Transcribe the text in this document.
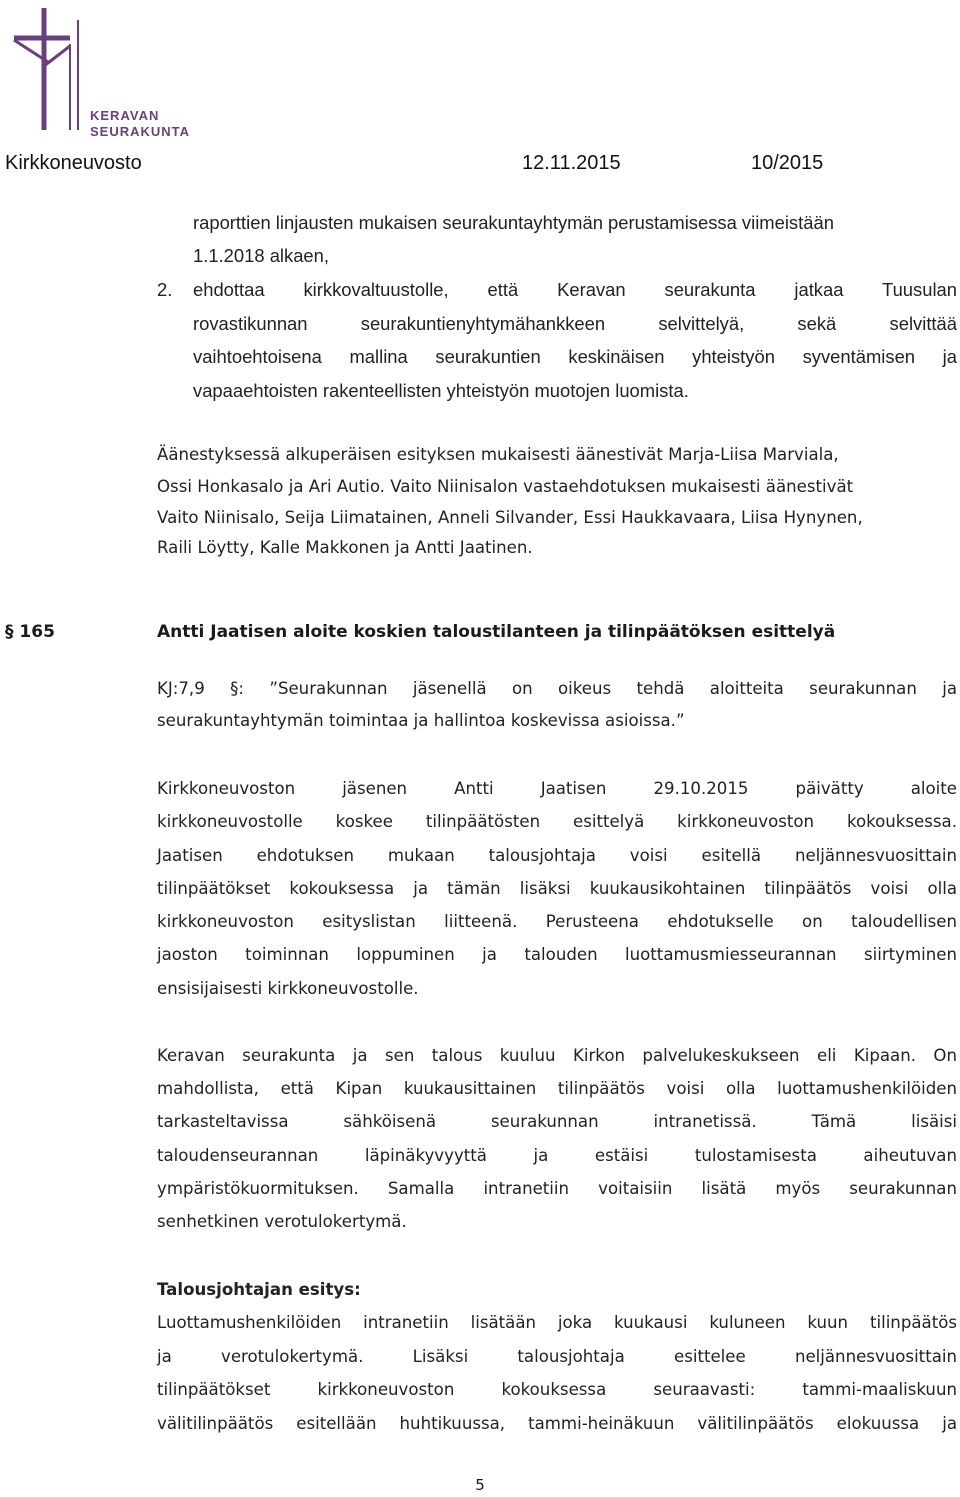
KERAVAN
SEURAKUNTA
Kirkkoneuvosto	12.11.2015	10/2015
raporttien linjausten mukaisen seurakuntayhtymän perustamisessa viimeistään
1.1.2018 alkaen,
2. ehdottaa kirkkovaltuustolle, että Keravan seurakunta jatkaa Tuusulan
rovastikunnan seurakuntienyhtymähankkeen selvittelyä, sekä selvittää
vaihtoehtoisena mallina seurakuntien keskinäisen yhteistyön syventämisen ja
vapaaehtoisten rakenteellisten yhteistyön muotojen luomista.
Äänestyksessä alkuperäisen esityksen mukaisesti äänestivät Marja-Liisa Marviala,
Ossi Honkasalo ja Ari Autio. Vaito Niinisalon vastaehdotuksen mukaisesti äänestivät
Vaito Niinisalo, Seija Liimatainen, Anneli Silvander, Essi Haukkavaara, Liisa Hynynen,
Raili Löytty, Kalle Makkonen ja Antti Jaatinen.
§ 165	Antti Jaatisen aloite koskien taloustilanteen ja tilinpäätöksen esittelyä
KJ:7,9 §: ”Seurakunnan jäsenellä on oikeus tehdä aloitteita seurakunnan ja
seurakuntayhtymän toimintaa ja hallintoa koskevissa asioissa.”
Kirkkoneuvoston jäsenen Antti Jaatisen 29.10.2015 päivätty aloite
kirkkoneuvostolle koskee tilinpäätösten esittelyä kirkkoneuvoston kokouksessa.
Jaatisen ehdotuksen mukaan talousjohtaja voisi esitellä neljännesvuosittain
tilinpäätökset kokouksessa ja tämän lisäksi kuukausikohtainen tilinpäätös voisi olla
kirkkoneuvoston esityslistan liitteenä. Perusteena ehdotukselle on taloudellisen
jaoston toiminnan loppuminen ja talouden luottamusmiesseurannan siirtyminen
ensisijaisesti kirkkoneuvostolle.
Keravan seurakunta ja sen talous kuuluu Kirkon palvelukeskukseen eli Kipaan. On
mahdollista, että Kipan kuukausittainen tilinpäätös voisi olla luottamushenkilöiden
tarkasteltavissa sähköisenä seurakunnan intranetissä. Tämä lisäisi
taloudenseurannan läpinäkyvyyttä ja estäisi tulostamisesta aiheutuvan
ympäristökuormituksen. Samalla intranetiin voitaisiin lisätä myös seurakunnan
senhetkinen verotulokertymä.
Talousjohtajan esitys:
Luottamushenkilöiden intranetiin lisätään joka kuukausi kuluneen kuun tilinpäätös
ja verotulokertymä. Lisäksi talousjohtaja esittelee neljännesvuosittain
tilinpäätökset kirkkoneuvoston kokouksessa seuraavasti: tammi-maaliskuun
välitilinpäätös esitellään huhtikuussa, tammi-heinäkuun välitilinpäätös elokuussa ja
5
